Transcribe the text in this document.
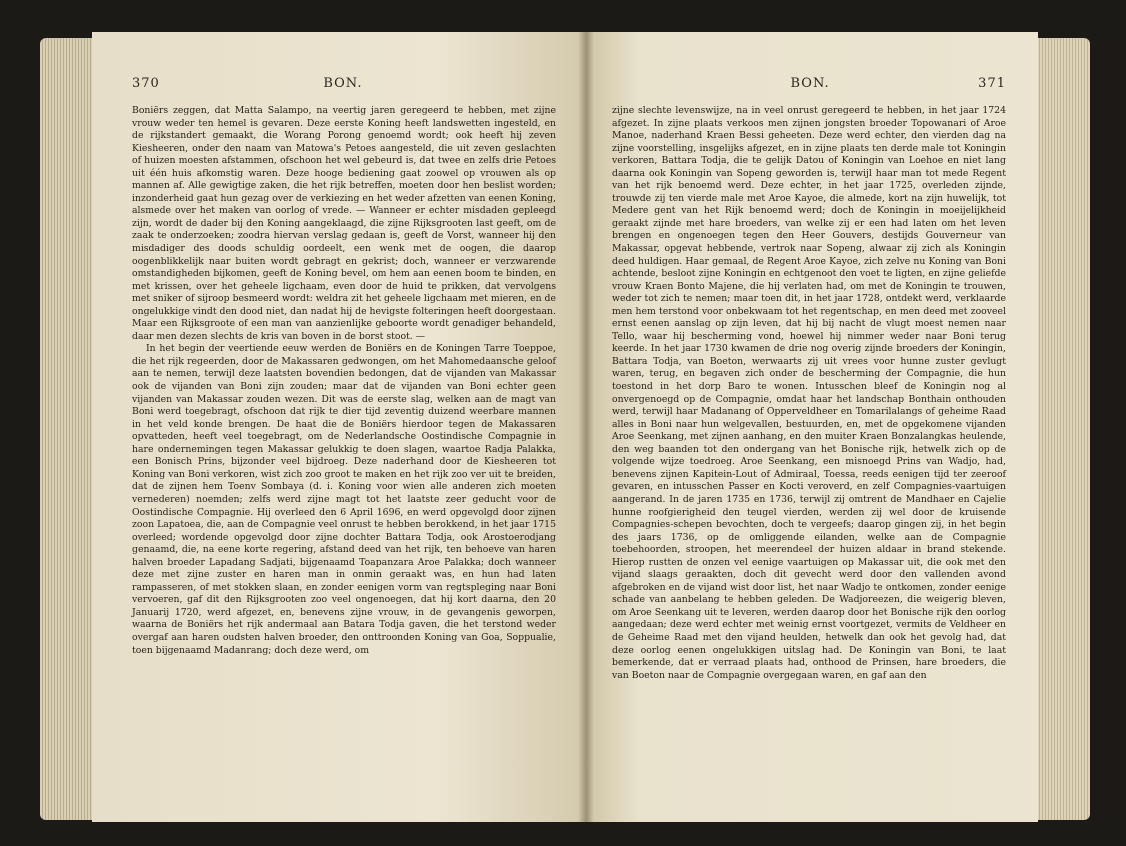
370	BON.

Boniërs zeggen, dat Matta Salampo, na veertig jaren geregeerd te hebben, met zijne vrouw weder ten hemel is gevaren. Deze eerste Koning heeft landswetten ingesteld, en de rijkstandert gemaakt, die Worang Porong genoemd wordt; ook heeft hij zeven Kiesheeren, onder den naam van Matowa's Petoes aangesteld, die uit zeven geslachten of huizen moesten afstammen, ofschoon het wel gebeurd is, dat twee en zelfs drie Petoes uit één huis afkomstig waren. Deze hooge bediening gaat zoowel op vrouwen als op mannen af. Alle gewigtige zaken, die het rijk betreffen, moeten door hen beslist worden; inzonderheid gaat hun gezag over de verkiezing en het weder afzetten van eenen Koning, alsmede over het maken van oorlog of vrede. — Wanneer er echter misdaden gepleegd zijn, wordt de dader bij den Koning aangeklaagd, die zijne Rijksgrooten last geeft, om de zaak te onderzoeken; zoodra hiervan verslag gedaan is, geeft de Vorst, wanneer hij den misdadiger des doods schuldig oordeelt, een wenk met de oogen, die daarop oogenblikkelijk naar buiten wordt gebragt en gekrist; doch, wanneer er verzwarende omstandigheden bijkomen, geeft de Koning bevel, om hem aan eenen boom te binden, en met krissen, over het geheele ligchaam, even door de huid te prikken, dat vervolgens met sniker of sijroop besmeerd wordt: weldra zit het geheele ligchaam met mieren, en de ongelukkige vindt den dood niet, dan nadat hij de hevigste folteringen heeft doorgestaan. Maar een Rijksgroote of een man van aanzienlijke geboorte wordt genadiger behandeld, daar men dezen slechts de kris van boven in de borst stoot. —

In het begin der veertiende eeuw werden de Boniërs en de Koningen Tarre Toeppoe, die het rijk regeerden, door de Makassaren gedwongen, om het Mahomedaansche geloof aan te nemen, terwijl deze laatsten bovendien bedongen, dat de vijanden van Makassar ook de vijanden van Boni zijn zouden; maar dat de vijanden van Boni echter geen vijanden van Makassar zouden wezen. Dit was de eerste slag, welken aan de magt van Boni werd toegebragt, ofschoon dat rijk te dier tijd zeventig duizend weerbare mannen in het veld konde brengen. De haat die de Boniërs hierdoor tegen de Makassaren opvatteden, heeft veel toegebragt, om de Nederlandsche Oostindische Compagnie in hare ondernemingen tegen Makassar gelukkig te doen slagen, waartoe Radja Palakka, een Bonisch Prins, bijzonder veel bijdroeg. Deze naderhand door de Kiesheeren tot Koning van Boni verkoren, wist zich zoo groot te maken en het rijk zoo ver uit te breiden, dat de zijnen hem Toenv Sombaya (d. i. Koning voor wien alle anderen zich moeten vernederen) noemden; zelfs werd zijne magt tot het laatste zeer geducht voor de Oostindische Compagnie. Hij overleed den 6 April 1696, en werd opgevolgd door zijnen zoon Lapatoea, die, aan de Compagnie veel onrust te hebben berokkend, in het jaar 1715 overleed; wordende opgevolgd door zijne dochter Battara Todja, ook Arostoerodjang genaamd, die, na eene korte regering, afstand deed van het rijk, ten behoeve van haren halven broeder Lapadang Sadjati, bijgenaamd Toapanzara Aroe Palakka; doch wanneer deze met zijne zuster en haren man in onmin geraakt was, en hun had laten rampasseren, of met stokken slaan, en zonder eenigen vorm van regtspleging naar Boni vervoeren, gaf dit den Rijksgrooten zoo veel ongenoegen, dat hij kort daarna, den 20 Januarij 1720, werd afgezet, en, benevens zijne vrouw, in de gevangenis geworpen, waarna de Boniërs het rijk andermaal aan Batara Todja gaven, die het terstond weder overgaf aan haren oudsten halven broeder, den onttroonden Koning van Goa, Soppualie, toen bijgenaamd Madanrang; doch deze werd, om

BON.	371

zijne slechte levenswijze, na in veel onrust geregeerd te hebben, in het jaar 1724 afgezet. In zijne plaats verkoos men zijnen jongsten broeder Topowanari of Aroe Manoe, naderhand Kraen Bessi geheeten. Deze werd echter, den vierden dag na zijne voorstelling, insgelijks afgezet, en in zijne plaats ten derde male tot Koningin verkoren, Battara Todja, die te gelijk Datou of Koningin van Loehoe en niet lang daarna ook Koningin van Sopeng geworden is, terwijl haar man tot mede Regent van het rijk benoemd werd. Deze echter, in het jaar 1725, overleden zijnde, trouwde zij ten vierde male met Aroe Kayoe, die almede, kort na zijn huwelijk, tot Medere gent van het Rijk benoemd werd; doch de Koningin in moeijelijkheid geraakt zijnde met hare broeders, van welke zij er een had laten om het leven brengen en ongenoegen tegen den Heer Gouvers, destijds Gouverneur van Makassar, opgevat hebbende, vertrok naar Sopeng, alwaar zij zich als Koningin deed huldigen. Haar gemaal, de Regent Aroe Kayoe, zich zelve nu Koning van Boni achtende, besloot zijne Koningin en echtgenoot den voet te ligten, en zijne geliefde vrouw Kraen Bonto Majene, die hij verlaten had, om met de Koningin te trouwen, weder tot zich te nemen; maar toen dit, in het jaar 1728, ontdekt werd, verklaarde men hem terstond voor onbekwaam tot het regentschap, en men deed met zooveel ernst eenen aanslag op zijn leven, dat hij bij nacht de vlugt moest nemen naar Tello, waar hij bescherming vond, hoewel hij nimmer weder naar Boni terug keerde. In het jaar 1730 kwamen de drie nog overig zijnde broeders der Koningin, Battara Todja, van Boeton, werwaarts zij uit vrees voor hunne zuster gevlugt waren, terug, en begaven zich onder de bescherming der Compagnie, die hun toestond in het dorp Baro te wonen. Intusschen bleef de Koningin nog al onvergenoegd op de Compagnie, omdat haar het landschap Bonthain onthouden werd, terwijl haar Madanang of Opperveldheer en Tomarilalangs of geheime Raad alles in Boni naar hun welgevallen, bestuurden, en, met de opgekomene vijanden Aroe Seenkang, met zijnen aanhang, en den muiter Kraen Bonzalangkas heulende, den weg baanden tot den ondergang van het Bonische rijk, hetwelk zich op de volgende wijze toedroeg. Aroe Seenkang, een misnoegd Prins van Wadjo, had, benevens zijnen Kapitein-Lout of Admiraal, Toessa, reeds eenigen tijd ter zeeroof gevaren, en intusschen Passer en Kocti veroverd, en zelf Compagnies-vaartuigen aangerand. In de jaren 1735 en 1736, terwijl zij omtrent de Mandhaer en Cajelie hunne roofgierigheid den teugel vierden, werden zij wel door de kruisende Compagnies-schepen bevochten, doch te vergeefs; daarop gingen zij, in het begin des jaars 1736, op de omliggende eilanden, welke aan de Compagnie toebehoorden, stroopen, het meerendeel der huizen aldaar in brand stekende. Hierop rustten de onzen vel eenige vaartuigen op Makassar uit, die ook met den vijand slaags geraakten, doch dit gevecht werd door den vallenden avond afgebroken en de vijand wist door list, het naar Wadjo te ontkomen, zonder eenige schade van aanbelang te hebben geleden. De Wadjoreezen, die weigerig bleven, om Aroe Seenkang uit te leveren, werden daarop door het Bonische rijk den oorlog aangedaan; deze werd echter met weinig ernst voortgezet, vermits de Veldheer en de Geheime Raad met den vijand heulden, hetwelk dan ook het gevolg had, dat deze oorlog eenen ongelukkigen uitslag had. De Koningin van Boni, te laat bemerkende, dat er verraad plaats had, onthood de Prinsen, hare broeders, die van Boeton naar de Compagnie overgegaan waren, en gaf aan den
